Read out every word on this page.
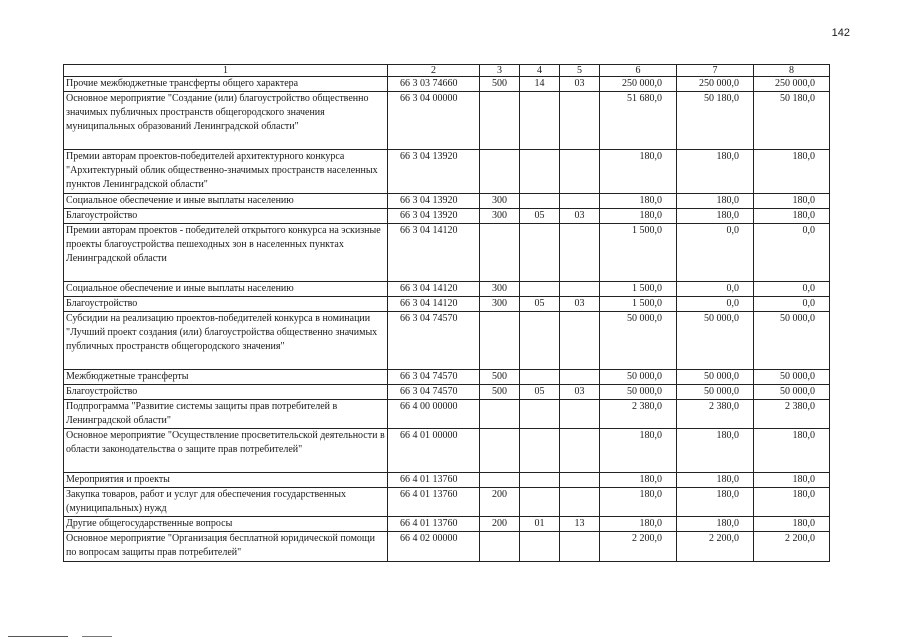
142
1	2	3	4	5	6	7	8
Прочие межбюджетные трансферты общего характера	66 3 03 74660	500	14	03	250 000,0	250 000,0	250 000,0
Основное мероприятие "Создание (или) благоустройство общественно значимых публичных пространств общегородского значения муниципальных образований Ленинградской области"	66 3 04 00000				51 680,0	50 180,0	50 180,0
Премии авторам проектов-победителей архитектурного конкурса "Архитектурный облик общественно-значимых пространств населенных пунктов Ленинградской области"	66 3 04 13920				180,0	180,0	180,0
Социальное обеспечение и иные выплаты населению	66 3 04 13920	300			180,0	180,0	180,0
Благоустройство	66 3 04 13920	300	05	03	180,0	180,0	180,0
Премии авторам проектов - победителей открытого конкурса на эскизные проекты благоустройства пешеходных зон в населенных пунктах Ленинградской области	66 3 04 14120				1 500,0	0,0	0,0
Социальное обеспечение и иные выплаты населению	66 3 04 14120	300			1 500,0	0,0	0,0
Благоустройство	66 3 04 14120	300	05	03	1 500,0	0,0	0,0
Субсидии на реализацию проектов-победителей конкурса в номинации "Лучший проект создания (или) благоустройства общественно значимых публичных пространств общегородского значения"	66 3 04 74570				50 000,0	50 000,0	50 000,0
Межбюджетные трансферты	66 3 04 74570	500			50 000,0	50 000,0	50 000,0
Благоустройство	66 3 04 74570	500	05	03	50 000,0	50 000,0	50 000,0
Подпрограмма "Развитие системы защиты прав потребителей в Ленинградской области"	66 4 00 00000				2 380,0	2 380,0	2 380,0
Основное мероприятие "Осуществление просветительской деятельности в области законодательства о защите прав потребителей"	66 4 01 00000				180,0	180,0	180,0
Мероприятия и проекты	66 4 01 13760				180,0	180,0	180,0
Закупка товаров, работ и услуг для обеспечения государственных (муниципальных) нужд	66 4 01 13760	200			180,0	180,0	180,0
Другие общегосударственные вопросы	66 4 01 13760	200	01	13	180,0	180,0	180,0
Основное мероприятие "Организация бесплатной юридической помощи по вопросам защиты прав потребителей"	66 4 02 00000				2 200,0	2 200,0	2 200,0
